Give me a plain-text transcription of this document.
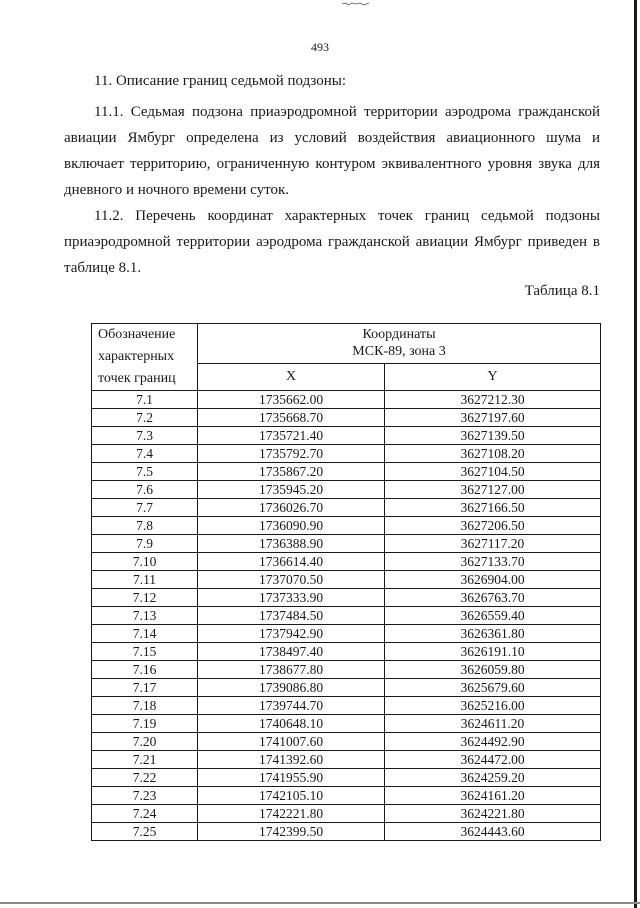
493

11. Описание границ седьмой подзоны:

11.1. Седьмая подзона приаэродромной территории аэродрома гражданской авиации Ямбург определена из условий воздействия авиационного шума и включает территорию, ограниченную контуром эквивалентного уровня звука для дневного и ночного времени суток.

11.2. Перечень координат характерных точек границ седьмой подзоны приаэродромной территории аэродрома гражданской авиации Ямбург приведен в таблице 8.1.

Таблица 8.1
Обозначение характерных точек границ	Координаты
МСК-89, зона 3	

	X	Y
7.1	1735662.00	3627212.30
7.2	1735668.70	3627197.60
7.3	1735721.40	3627139.50
7.4	1735792.70	3627108.20
7.5	1735867.20	3627104.50
7.6	1735945.20	3627127.00
7.7	1736026.70	3627166.50
7.8	1736090.90	3627206.50
7.9	1736388.90	3627117.20
7.10	1736614.40	3627133.70
7.11	1737070.50	3626904.00
7.12	1737333.90	3626763.70
7.13	1737484.50	3626559.40
7.14	1737942.90	3626361.80
7.15	1738497.40	3626191.10
7.16	1738677.80	3626059.80
7.17	1739086.80	3625679.60
7.18	1739744.70	3625216.00
7.19	1740648.10	3624611.20
7.20	1741007.60	3624492.90
7.21	1741392.60	3624472.00
7.22	1741955.90	3624259.20
7.23	1742105.10	3624161.20
7.24	1742221.80	3624221.80
7.25	1742399.50	3624443.60
